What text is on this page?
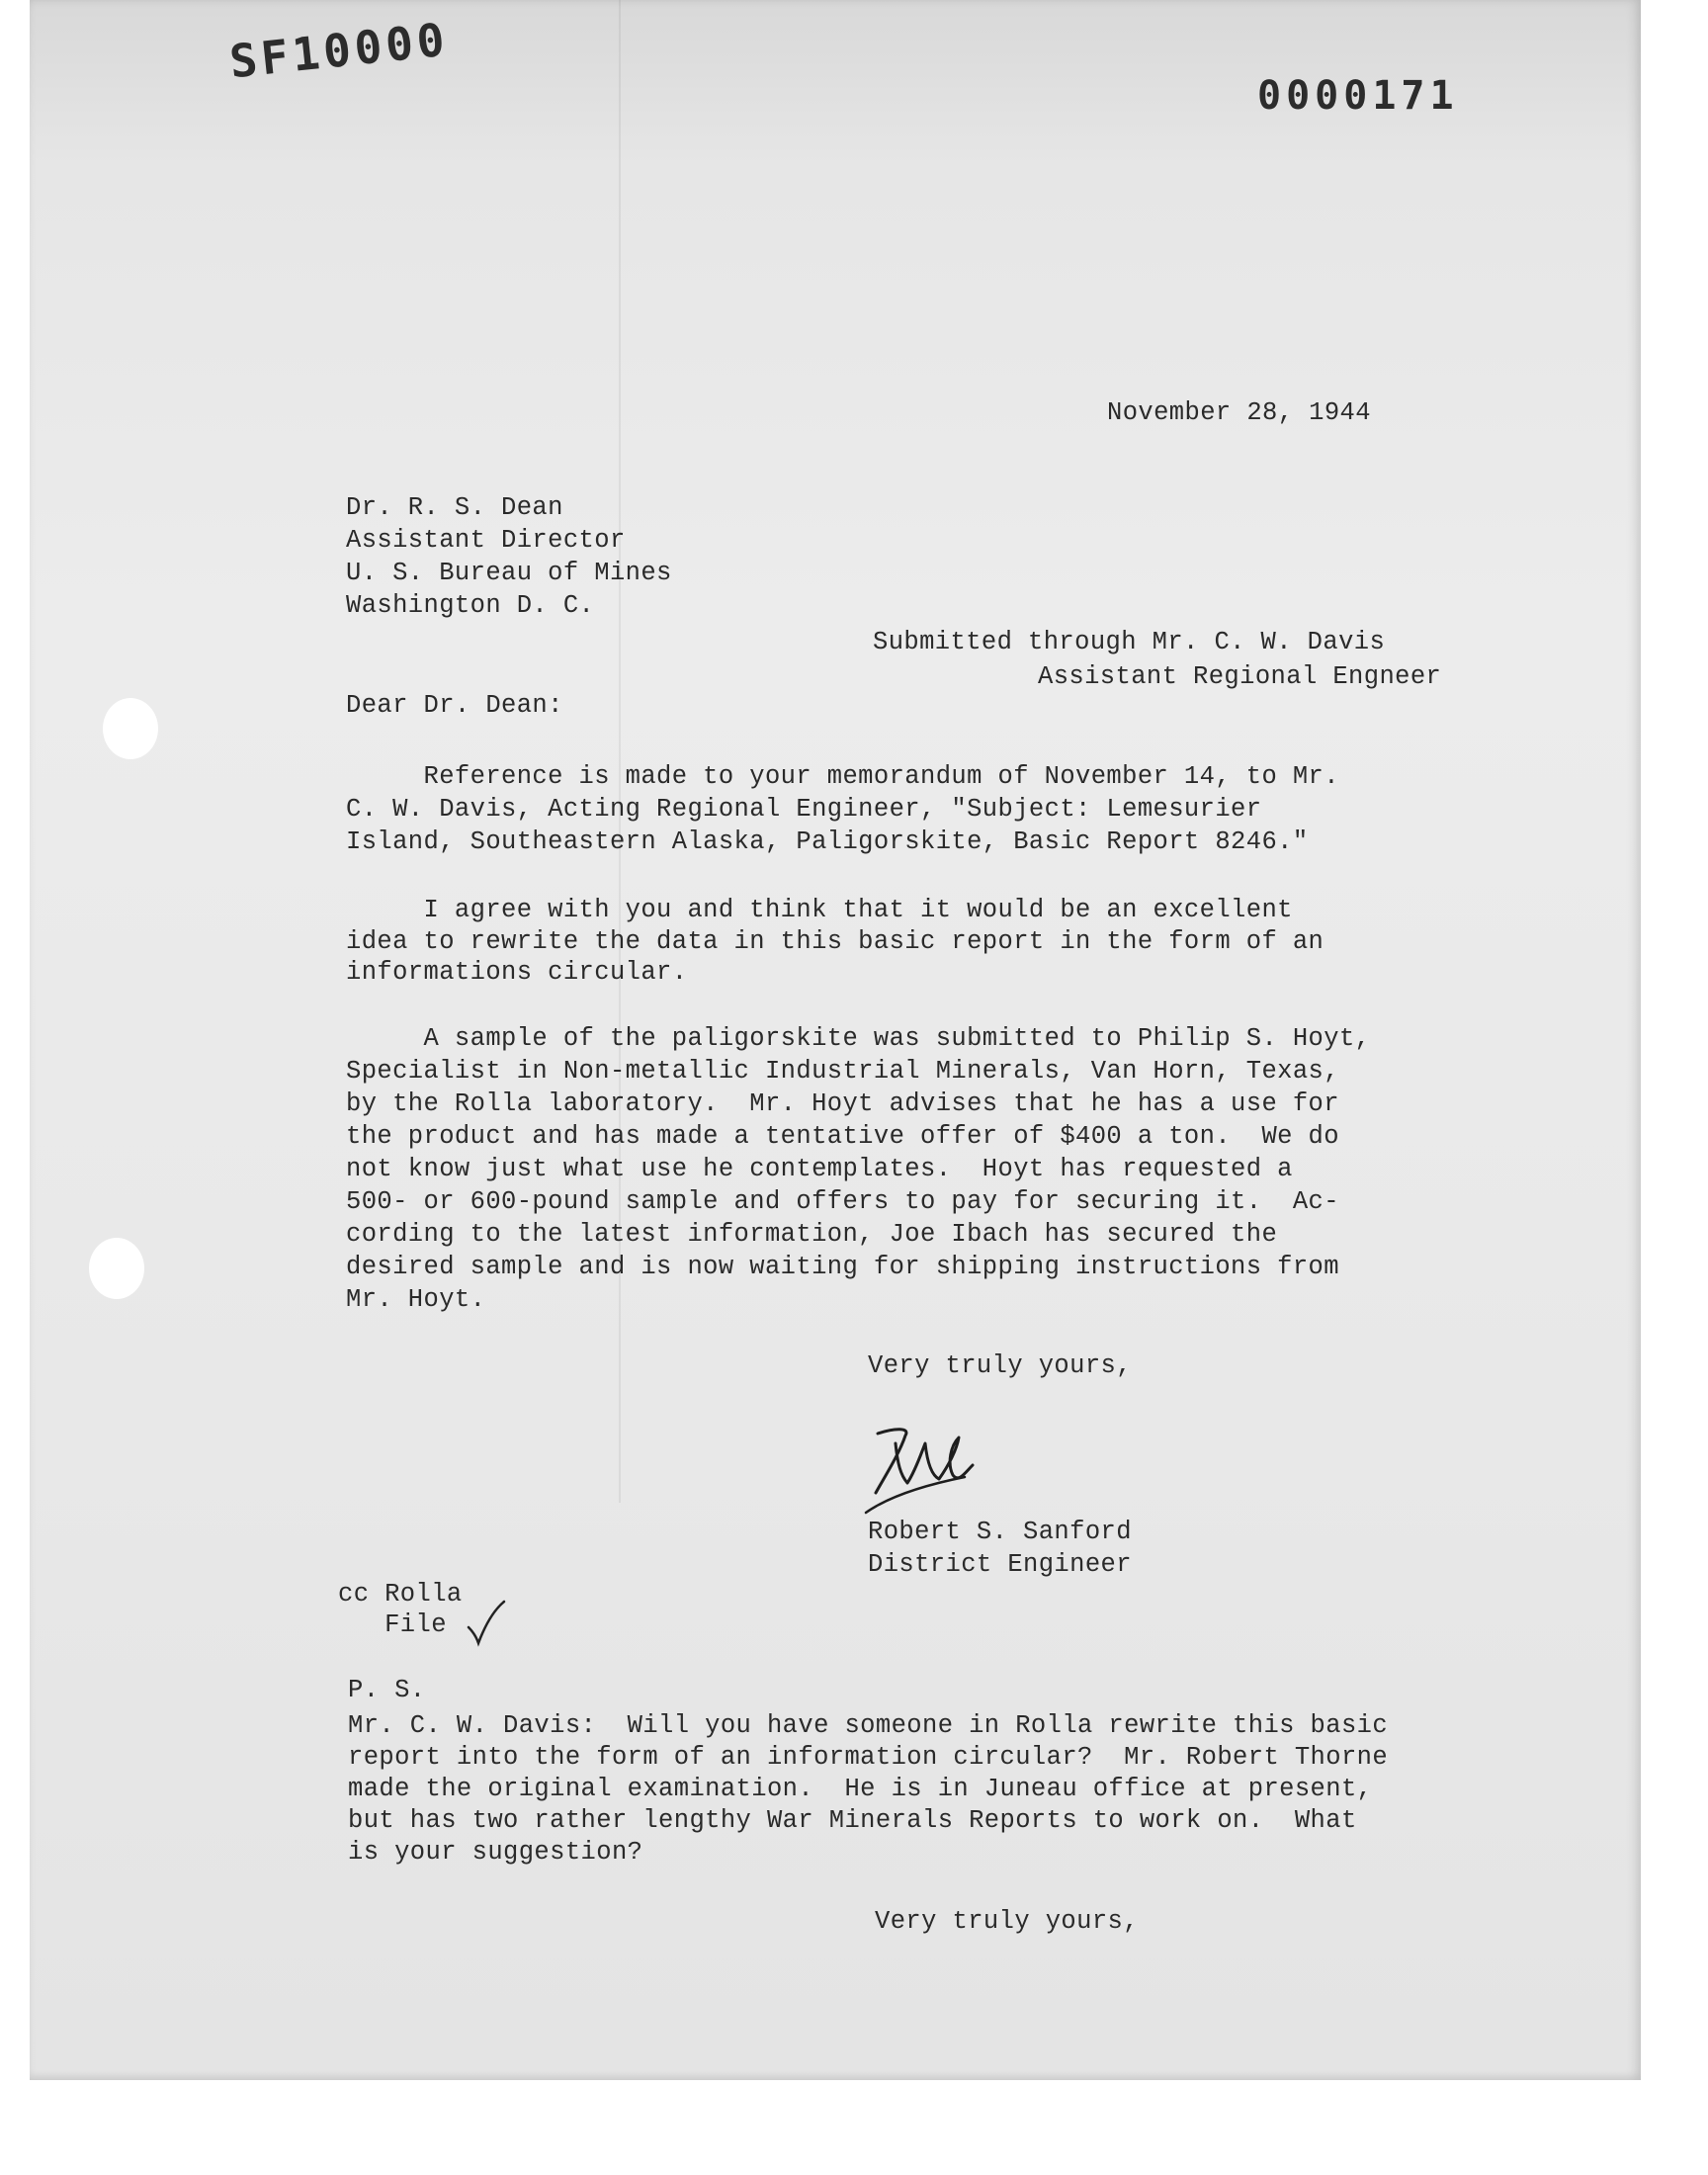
SF10000
0000171
November 28, 1944
Dr. R. S. Dean
Assistant Director
U. S. Bureau of Mines
Washington D. C.
Submitted through Mr. C. W. Davis
Assistant Regional Engneer
Dear Dr. Dean:
Reference is made to your memorandum of November 14, to Mr.
C. W. Davis, Acting Regional Engineer, "Subject: Lemesurier
Island, Southeastern Alaska, Paligorskite, Basic Report 8246."
I agree with you and think that it would be an excellent
idea to rewrite the data in this basic report in the form of an
informations circular.
A sample of the paligorskite was submitted to Philip S. Hoyt,
Specialist in Non-metallic Industrial Minerals, Van Horn, Texas,
by the Rolla laboratory.  Mr. Hoyt advises that he has a use for
the product and has made a tentative offer of $400 a ton.  We do
not know just what use he contemplates.  Hoyt has requested a
500- or 600-pound sample and offers to pay for securing it.  Ac-
cording to the latest information, Joe Ibach has secured the
desired sample and is now waiting for shipping instructions from
Mr. Hoyt.
Very truly yours,
Robert S. Sanford
District Engineer
cc Rolla
File
P. S.
Mr. C. W. Davis:  Will you have someone in Rolla rewrite this basic
report into the form of an information circular?  Mr. Robert Thorne
made the original examination.  He is in Juneau office at present,
but has two rather lengthy War Minerals Reports to work on.  What
is your suggestion?
Very truly yours,
